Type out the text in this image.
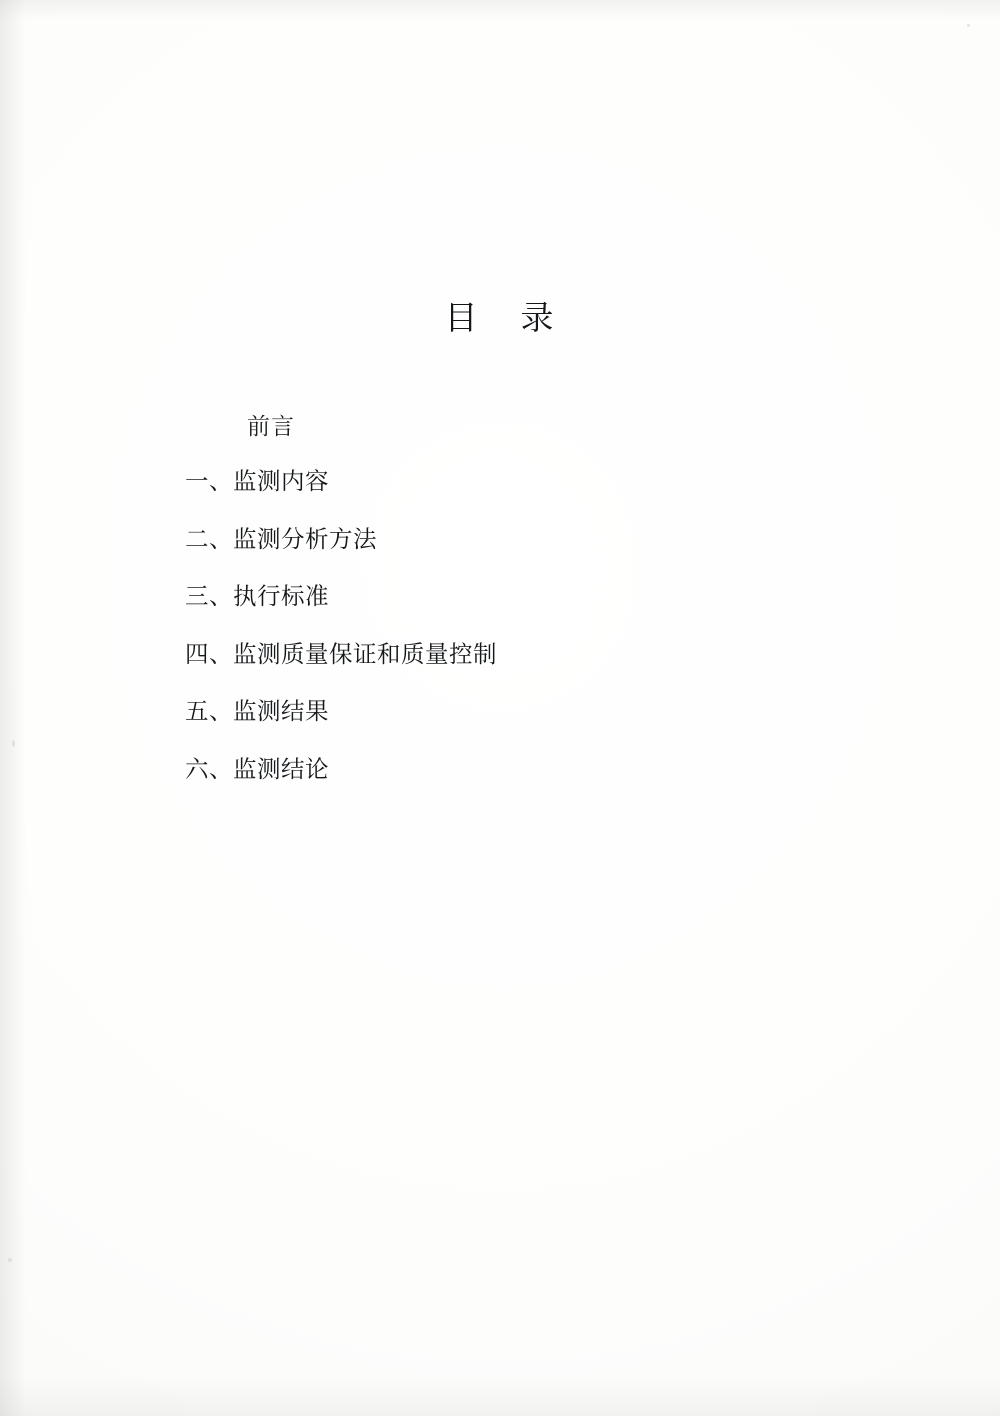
目    录
前言
一、监测内容
二、监测分析方法
三、执行标准
四、监测质量保证和质量控制
五、监测结果
六、监测结论
